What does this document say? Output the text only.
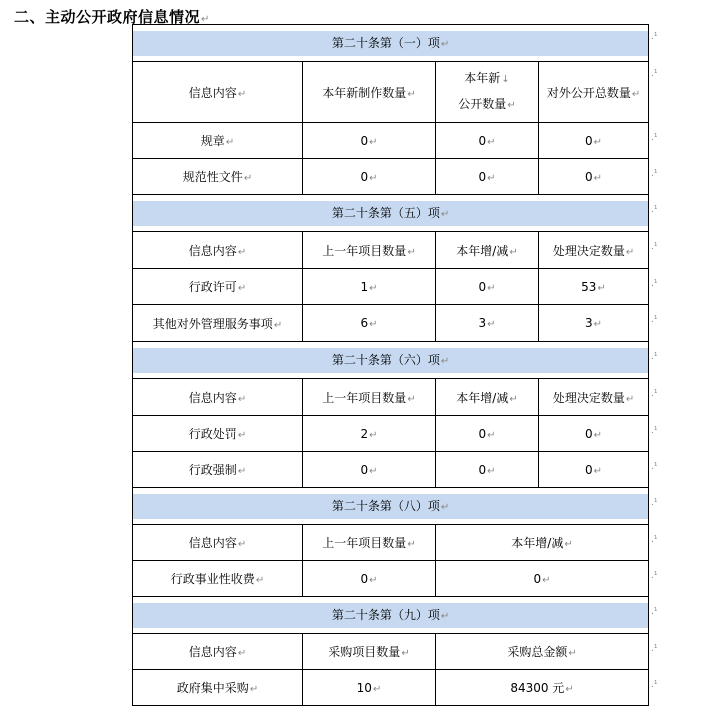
二、主动公开政府信息情况↵
第二十条第（一）项↵			

信息内容↵	本年新制作数量↵	本年新↓
公开数量↵	对外公开总数量↵
规章↵	0↵	0↵	0↵
规范性文件↵	0↵	0↵	0↵

第二十条第（五）项↵			

信息内容↵	上一年项目数量↵	本年增/减↵	处理决定数量↵
行政许可↵	1↵	0↵	53↵
其他对外管理服务事项↵	6↵	3↵	3↵

第二十条第（六）项↵			

信息内容↵	上一年项目数量↵	本年增/减↵	处理决定数量↵
行政处罚↵	2↵	0↵	0↵
行政强制↵	0↵	0↵	0↵

第二十条第（八）项↵			

信息内容↵	上一年项目数量↵	本年增/减↵	
行政事业性收费↵	0↵	0↵	

第二十条第（九）项↵			

信息内容↵	采购项目数量↵	采购总金额↵	
政府集中采购↵	10↵	84300 元↵	
.¹
.¹
.¹
.¹
.¹
.¹
.¹
.¹
.¹
.¹
.¹
.¹
.¹
.¹
.¹
.¹
.¹
.¹
